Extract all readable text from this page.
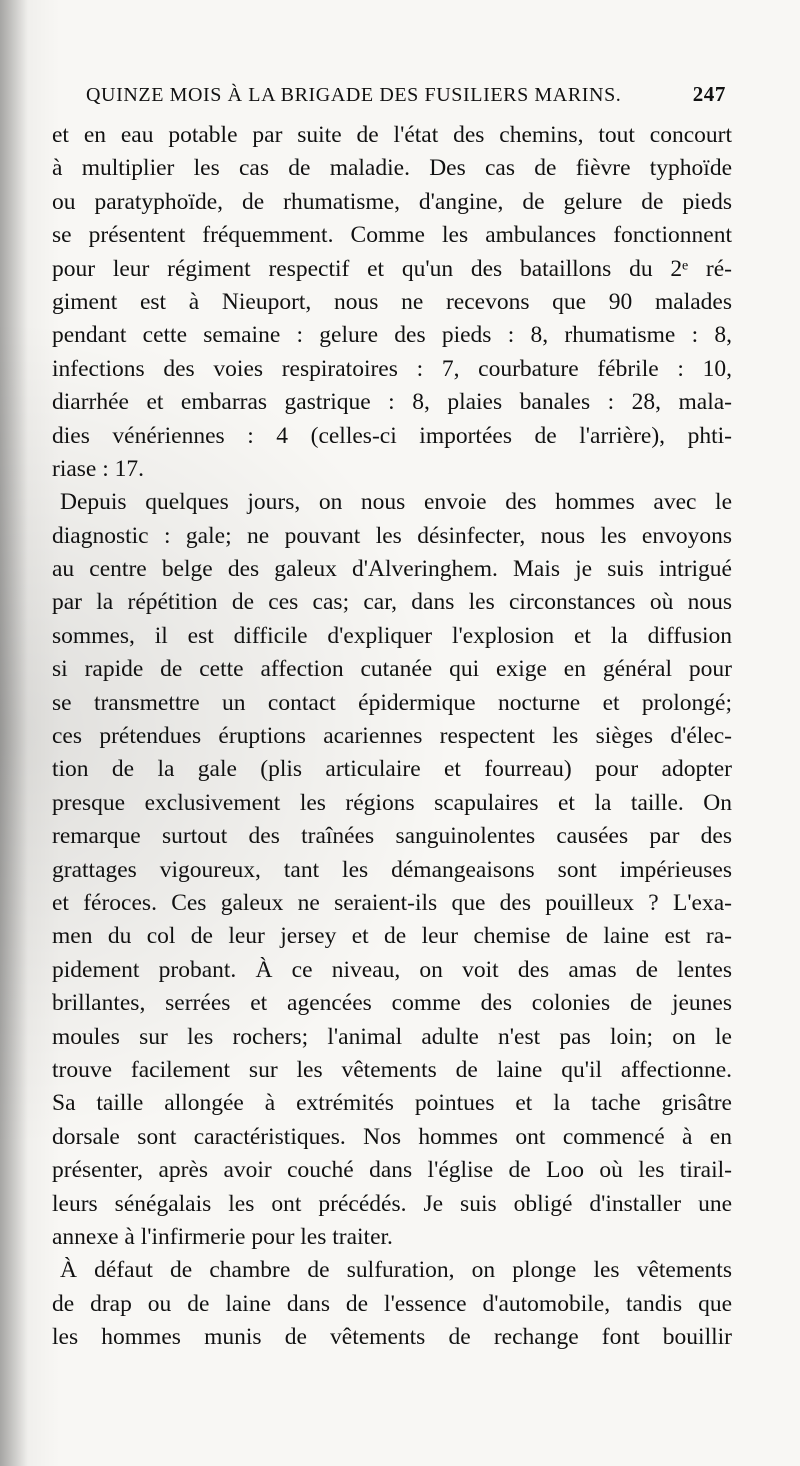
QUINZE MOIS À LA BRIGADE DES FUSILIERS MARINS.	247
et en eau potable par suite de l'état des chemins, tout concourt
à multiplier les cas de maladie. Des cas de fièvre typhoïde
ou paratyphoïde, de rhumatisme, d'angine, de gelure de pieds
se présentent fréquemment. Comme les ambulances fonctionnent
pour leur régiment respectif et qu'un des bataillons du 2ᵉ ré-
giment est à Nieuport, nous ne recevons que 90 malades
pendant cette semaine : gelure des pieds : 8, rhumatisme : 8,
infections des voies respiratoires : 7, courbature fébrile : 10,
diarrhée et embarras gastrique : 8, plaies banales : 28, mala-
dies vénériennes : 4 (celles-ci importées de l'arrière), phti-
riase : 17.
Depuis quelques jours, on nous envoie des hommes avec le
diagnostic : gale; ne pouvant les désinfecter, nous les envoyons
au centre belge des galeux d'Alveringhem. Mais je suis intrigué
par la répétition de ces cas; car, dans les circonstances où nous
sommes, il est difficile d'expliquer l'explosion et la diffusion
si rapide de cette affection cutanée qui exige en général pour
se transmettre un contact épidermique nocturne et prolongé;
ces prétendues éruptions acariennes respectent les sièges d'élec-
tion de la gale (plis articulaire et fourreau) pour adopter
presque exclusivement les régions scapulaires et la taille. On
remarque surtout des traînées sanguinolentes causées par des
grattages vigoureux, tant les démangeaisons sont impérieuses
et féroces. Ces galeux ne seraient-ils que des pouilleux ? L'exa-
men du col de leur jersey et de leur chemise de laine est ra-
pidement probant. À ce niveau, on voit des amas de lentes
brillantes, serrées et agencées comme des colonies de jeunes
moules sur les rochers; l'animal adulte n'est pas loin; on le
trouve facilement sur les vêtements de laine qu'il affectionne.
Sa taille allongée à extrémités pointues et la tache grisâtre
dorsale sont caractéristiques. Nos hommes ont commencé à en
présenter, après avoir couché dans l'église de Loo où les tirail-
leurs sénégalais les ont précédés. Je suis obligé d'installer une
annexe à l'infirmerie pour les traiter.
À défaut de chambre de sulfuration, on plonge les vêtements
de drap ou de laine dans de l'essence d'automobile, tandis que
les hommes munis de vêtements de rechange font bouillir
